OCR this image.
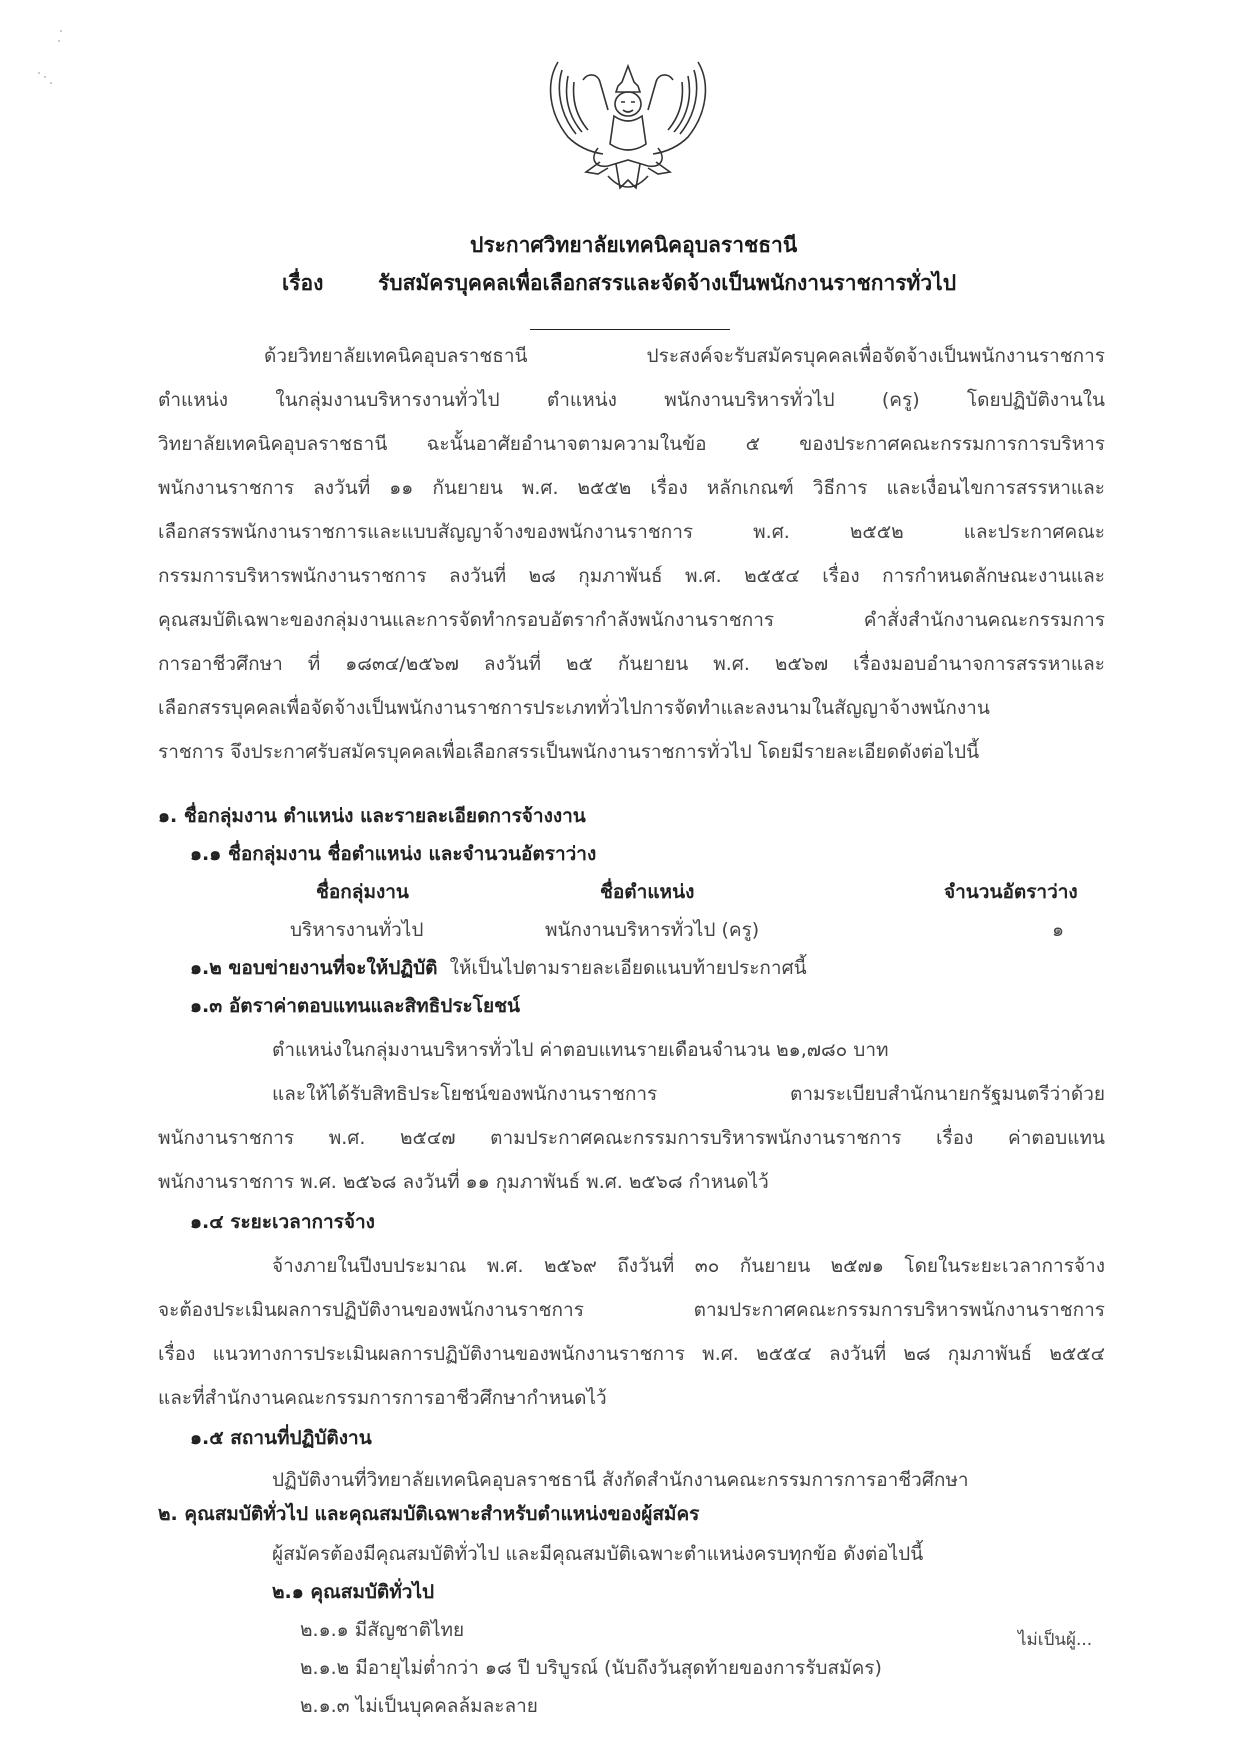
ประกาศวิทยาลัยเทคนิคอุบลราชธานี
เรื่อง	รับสมัครบุคคลเพื่อเลือกสรรและจัดจ้างเป็นพนักงานราชการทั่วไป
ด้วยวิทยาลัยเทคนิคอุบลราชธานี ประสงค์จะรับสมัครบุคคลเพื่อจัดจ้างเป็นพนักงานราชการ
ตำแหน่ง ในกลุ่มงานบริหารงานทั่วไป ตำแหน่ง พนักงานบริหารทั่วไป (ครู) โดยปฏิบัติงานใน
วิทยาลัยเทคนิคอุบลราชธานี ฉะนั้นอาศัยอำนาจตามความในข้อ ๕ ของประกาศคณะกรรมการการบริหาร
พนักงานราชการ ลงวันที่ ๑๑ กันยายน พ.ศ. ๒๕๕๒ เรื่อง หลักเกณฑ์ วิธีการ และเงื่อนไขการสรรหาและ
เลือกสรรพนักงานราชการและแบบสัญญาจ้างของพนักงานราชการ พ.ศ. ๒๕๕๒ และประกาศคณะ
กรรมการบริหารพนักงานราชการ ลงวันที่ ๒๘ กุมภาพันธ์ พ.ศ. ๒๕๕๔ เรื่อง การกำหนดลักษณะงานและ
คุณสมบัติเฉพาะของกลุ่มงานและการจัดทำกรอบอัตรากำลังพนักงานราชการ คำสั่งสำนักงานคณะกรรมการ
การอาชีวศึกษา ที่ ๑๘๓๔/๒๕๖๗ ลงวันที่ ๒๕ กันยายน พ.ศ. ๒๕๖๗ เรื่องมอบอำนาจการสรรหาและ
เลือกสรรบุคคลเพื่อจัดจ้างเป็นพนักงานราชการประเภททั่วไปการจัดทำและลงนามในสัญญาจ้างพนักงาน
ราชการ จึงประกาศรับสมัครบุคคลเพื่อเลือกสรรเป็นพนักงานราชการทั่วไป โดยมีรายละเอียดดังต่อไปนี้
๑. ชื่อกลุ่มงาน ตำแหน่ง และรายละเอียดการจ้างงาน
๑.๑ ชื่อกลุ่มงาน ชื่อตำแหน่ง และจำนวนอัตราว่าง
ชื่อกลุ่มงาน	ชื่อตำแหน่ง	จำนวนอัตราว่าง
บริหารงานทั่วไป	พนักงานบริหารทั่วไป (ครู)	๑
๑.๒ ขอบข่ายงานที่จะให้ปฏิบัติ ให้เป็นไปตามรายละเอียดแนบท้ายประกาศนี้
๑.๓ อัตราค่าตอบแทนและสิทธิประโยชน์
ตำแหน่งในกลุ่มงานบริหารทั่วไป ค่าตอบแทนรายเดือนจำนวน ๒๑,๗๘๐ บาท
และให้ได้รับสิทธิประโยชน์ของพนักงานราชการ ตามระเบียบสำนักนายกรัฐมนตรีว่าด้วย
พนักงานราชการ พ.ศ. ๒๕๔๗ ตามประกาศคณะกรรมการบริหารพนักงานราชการ เรื่อง ค่าตอบแทน
พนักงานราชการ พ.ศ. ๒๕๖๘ ลงวันที่ ๑๑ กุมภาพันธ์ พ.ศ. ๒๕๖๘ กำหนดไว้
๑.๔ ระยะเวลาการจ้าง
จ้างภายในปีงบประมาณ พ.ศ. ๒๕๖๙ ถึงวันที่ ๓๐ กันยายน ๒๕๗๑ โดยในระยะเวลาการจ้าง
จะต้องประเมินผลการปฏิบัติงานของพนักงานราชการ ตามประกาศคณะกรรมการบริหารพนักงานราชการ
เรื่อง แนวทางการประเมินผลการปฏิบัติงานของพนักงานราชการ พ.ศ. ๒๕๕๔ ลงวันที่ ๒๘ กุมภาพันธ์ ๒๕๕๔
และที่สำนักงานคณะกรรมการการอาชีวศึกษากำหนดไว้
๑.๕ สถานที่ปฏิบัติงาน
ปฏิบัติงานที่วิทยาลัยเทคนิคอุบลราชธานี สังกัดสำนักงานคณะกรรมการการอาชีวศึกษา
๒. คุณสมบัติทั่วไป และคุณสมบัติเฉพาะสำหรับตำแหน่งของผู้สมัคร
ผู้สมัครต้องมีคุณสมบัติทั่วไป และมีคุณสมบัติเฉพาะตำแหน่งครบทุกข้อ ดังต่อไปนี้
๒.๑ คุณสมบัติทั่วไป
๒.๑.๑ มีสัญชาติไทย
๒.๑.๒ มีอายุไม่ต่ำกว่า ๑๘ ปี บริบูรณ์ (นับถึงวันสุดท้ายของการรับสมัคร)
๒.๑.๓ ไม่เป็นบุคคลล้มละลาย
ไม่เป็นผู้...
